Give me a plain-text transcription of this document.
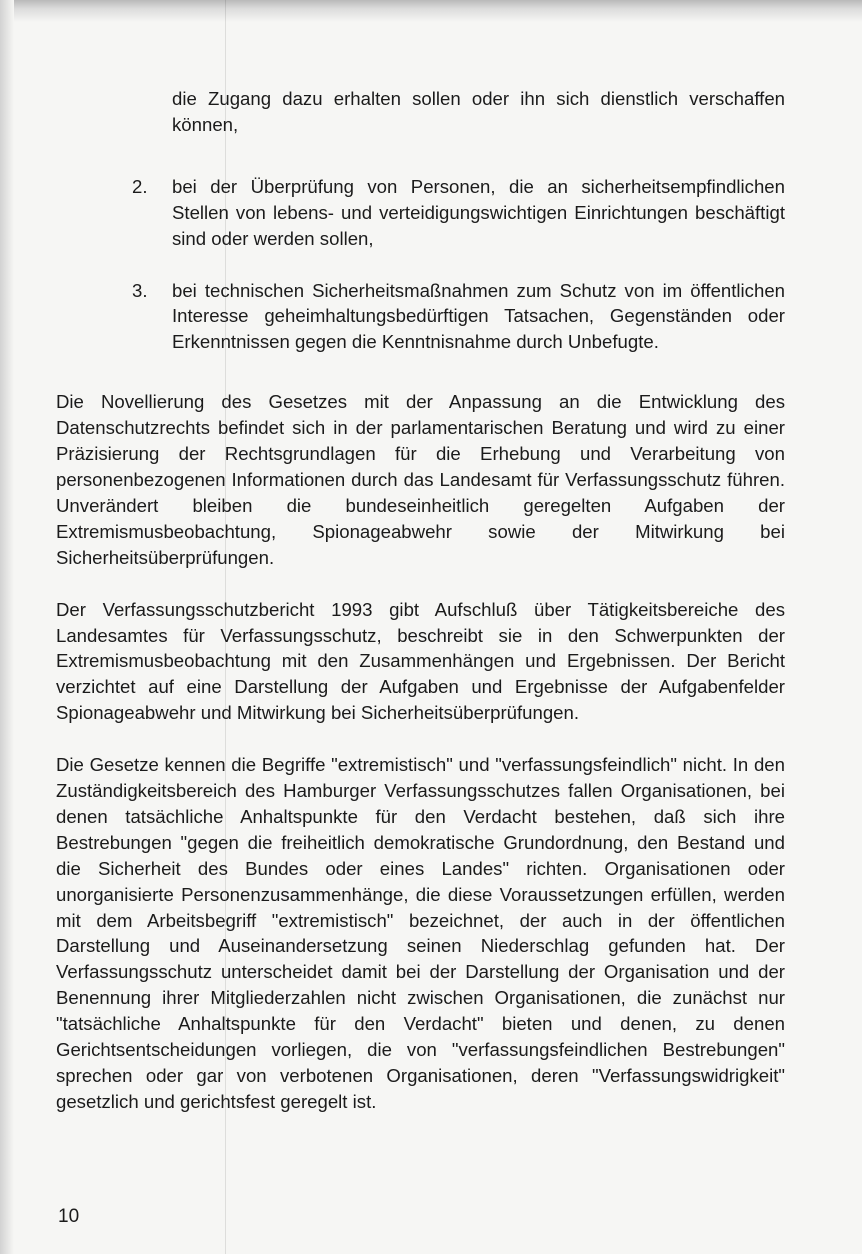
die Zugang dazu erhalten sollen oder ihn sich dienstlich verschaffen können,
2. bei der Überprüfung von Personen, die an sicherheitsempfindlichen Stellen von lebens- und verteidigungswichtigen Einrichtungen beschäftigt sind oder werden sollen,
3. bei technischen Sicherheitsmaßnahmen zum Schutz von im öffentlichen Interesse geheimhaltungsbedürftigen Tatsachen, Gegenständen oder Erkenntnissen gegen die Kenntnisnahme durch Unbefugte.

Die Novellierung des Gesetzes mit der Anpassung an die Entwicklung des Datenschutzrechts befindet sich in der parlamentarischen Beratung und wird zu einer Präzisierung der Rechtsgrundlagen für die Erhebung und Verarbeitung von personenbezogenen Informationen durch das Landesamt für Verfassungsschutz führen. Unverändert bleiben die bundeseinheitlich geregelten Aufgaben der Extremismusbeobachtung, Spionageabwehr sowie der Mitwirkung bei Sicherheitsüberprüfungen.

Der Verfassungsschutzbericht 1993 gibt Aufschluß über Tätigkeitsbereiche des Landesamtes für Verfassungsschutz, beschreibt sie in den Schwerpunkten der Extremismusbeobachtung mit den Zusammenhängen und Ergebnissen. Der Bericht verzichtet auf eine Darstellung der Aufgaben und Ergebnisse der Aufgabenfelder Spionageabwehr und Mitwirkung bei Sicherheitsüberprüfungen.

Die Gesetze kennen die Begriffe "extremistisch" und "verfassungsfeindlich" nicht. In den Zuständigkeitsbereich des Hamburger Verfassungsschutzes fallen Organisationen, bei denen tatsächliche Anhaltspunkte für den Verdacht bestehen, daß sich ihre Bestrebungen "gegen die freiheitlich demokratische Grundordnung, den Bestand und die Sicherheit des Bundes oder eines Landes" richten. Organisationen oder unorganisierte Personenzusammenhänge, die diese Voraussetzungen erfüllen, werden mit dem Arbeitsbegriff "extremistisch" bezeichnet, der auch in der öffentlichen Darstellung und Auseinandersetzung seinen Niederschlag gefunden hat. Der Verfassungsschutz unterscheidet damit bei der Darstellung der Organisation und der Benennung ihrer Mitgliederzahlen nicht zwischen Organisationen, die zunächst nur "tatsächliche Anhaltspunkte für den Verdacht" bieten und denen, zu denen Gerichtsentscheidungen vorliegen, die von "verfassungsfeindlichen Bestrebungen" sprechen oder gar von verbotenen Organisationen, deren "Verfassungswidrigkeit" gesetzlich und gerichtsfest geregelt ist.

10
